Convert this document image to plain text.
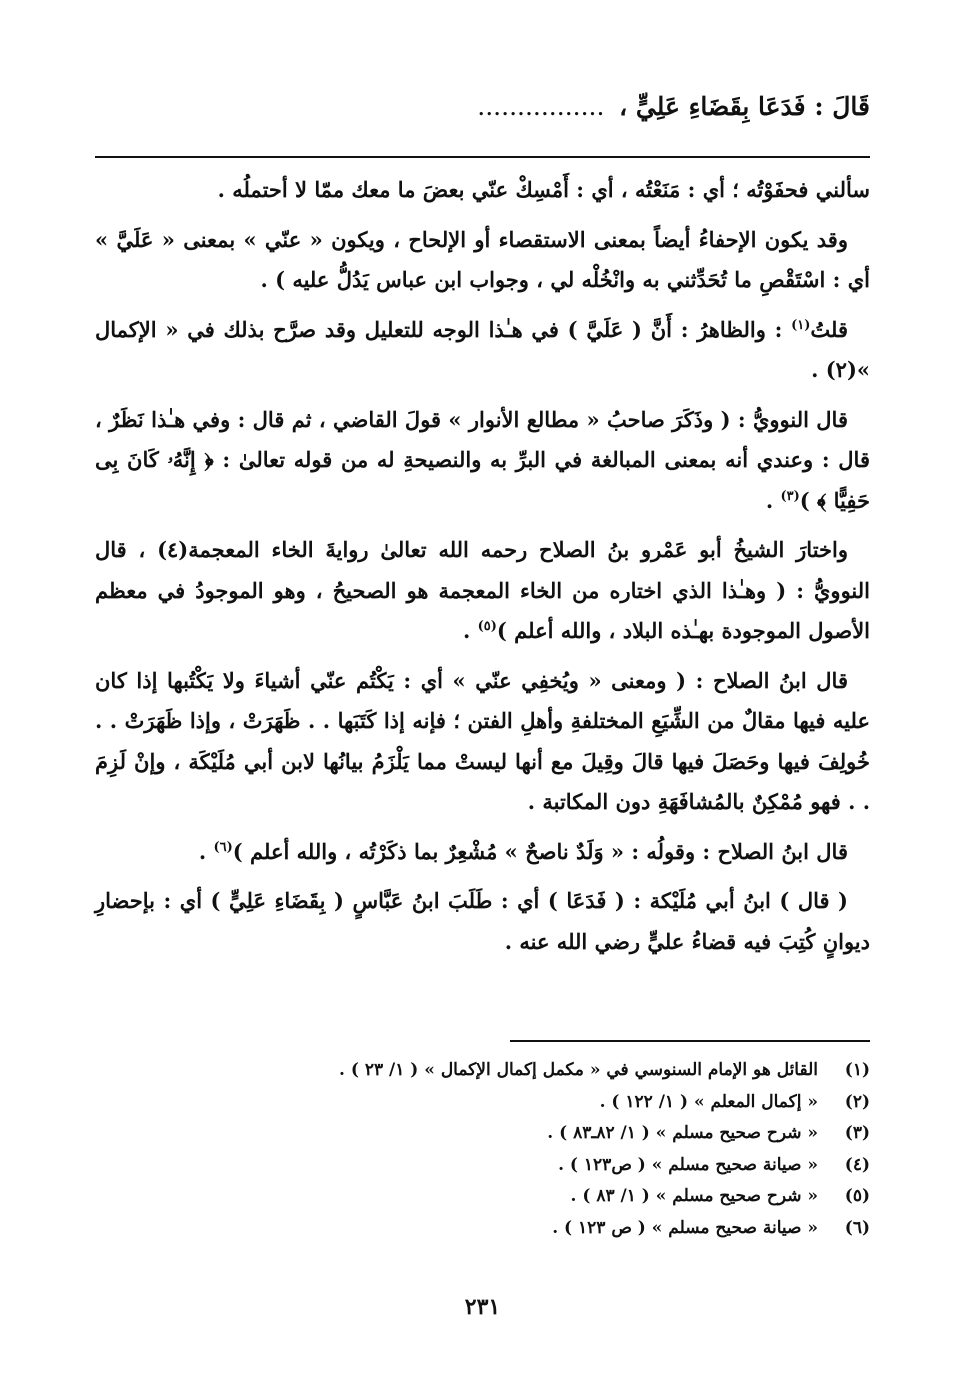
قَالَ : فَدَعَا بِقَضَاءِ عَلِيٍّ ، ................

سألني فحفَوْتُه ؛ أي : مَنَعْتُه ، أي : أَمْسِكْ عنّي بعضَ ما معك ممّا لا أحتملُه .

وقد يكون الإحفاءُ أيضاً بمعنى الاستقصاء أو الإلحاح ، ويكون « عنّي » بمعنى « عَلَيَّ » أي : اسْتَقْصِ ما تُحَدِّثني به وانْخُلْه لي ، وجواب ابن عباس يَدُلُّ عليه ) .

قلتُ$^{(١)}$ : والظاهرُ : أَنَّ ( عَلَيَّ ) في هـٰذا الوجه للتعليل وقد صرَّح بذلك في « الإكمال »(٢) .

قال النوويُّ : ( وذَكَرَ صاحبُ « مطالع الأنوار » قولَ القاضي ، ثم قال : وفي هـٰذا نَظَرٌ ، قال : وعندي أنه بمعنى المبالغة في البرِّ به والنصيحةِ له من قوله تعالىٰ : ﴿ إِنَّهُۥ كَانَ بِى حَفِيًّا ﴾ )$^{(٣)}$ .

واختارَ الشيخُ أبو عَمْرو بنُ الصلاح رحمه الله تعالىٰ روايةَ الخاء المعجمة(٤) ، قال النوويُّ : ( وهـٰذا الذي اختاره من الخاء المعجمة هو الصحيحُ ، وهو الموجودُ في معظم الأصول الموجودة بهـٰذه البلاد ، والله أعلم )$^{(٥)}$ .

قال ابنُ الصلاح : ( ومعنى « ويُخفِي عنّي » أي : يَكْتُم عنّي أشياءَ ولا يَكْتُبها إذا كان عليه فيها مقالٌ من الشِّيَعِ المختلفةِ وأهلِ الفتن ؛ فإنه إذا كَتَبَها . . ظَهَرَتْ ، وإذا ظَهَرَتْ . . خُولِفَ فيها وحَصَلَ فيها قالَ وقِيلَ مع أنها ليستْ مما يَلْزَمُ بيانُها لابن أبي مُلَيْكَة ، وإنْ لَزِمَ . . فهو مُمْكِنٌ بالمُشافَهَةِ دون المكاتبة .

قال ابنُ الصلاح : وقولُه : « وَلَدٌ ناصحٌ » مُشْعِرٌ بما ذكَرْتُه ، والله أعلم )$^{(٦)}$ .

( قال ) ابنُ أبي مُلَيْكة : ( فَدَعَا ) أي : طَلَبَ ابنُ عَبَّاسٍ ( بِقَضَاءِ عَلِيٍّ ) أي : بإحضارِ ديوانٍ كُتِبَ فيه قضاءُ عليٍّ رضي الله عنه .

(١)القائل هو الإمام السنوسي في « مكمل إكمال الإكمال » ( ١/ ٢٣ ) .
(٢)« إكمال المعلم » ( ١/ ١٢٢ ) .
(٣)« شرح صحيح مسلم » ( ١/ ٨٢ـ٨٣ ) .
(٤)« صيانة صحيح مسلم » ( ص١٢٣ ) .
(٥)« شرح صحيح مسلم » ( ١/ ٨٣ ) .
(٦)« صيانة صحيح مسلم » ( ص ١٢٣ ) .
٢٣١
